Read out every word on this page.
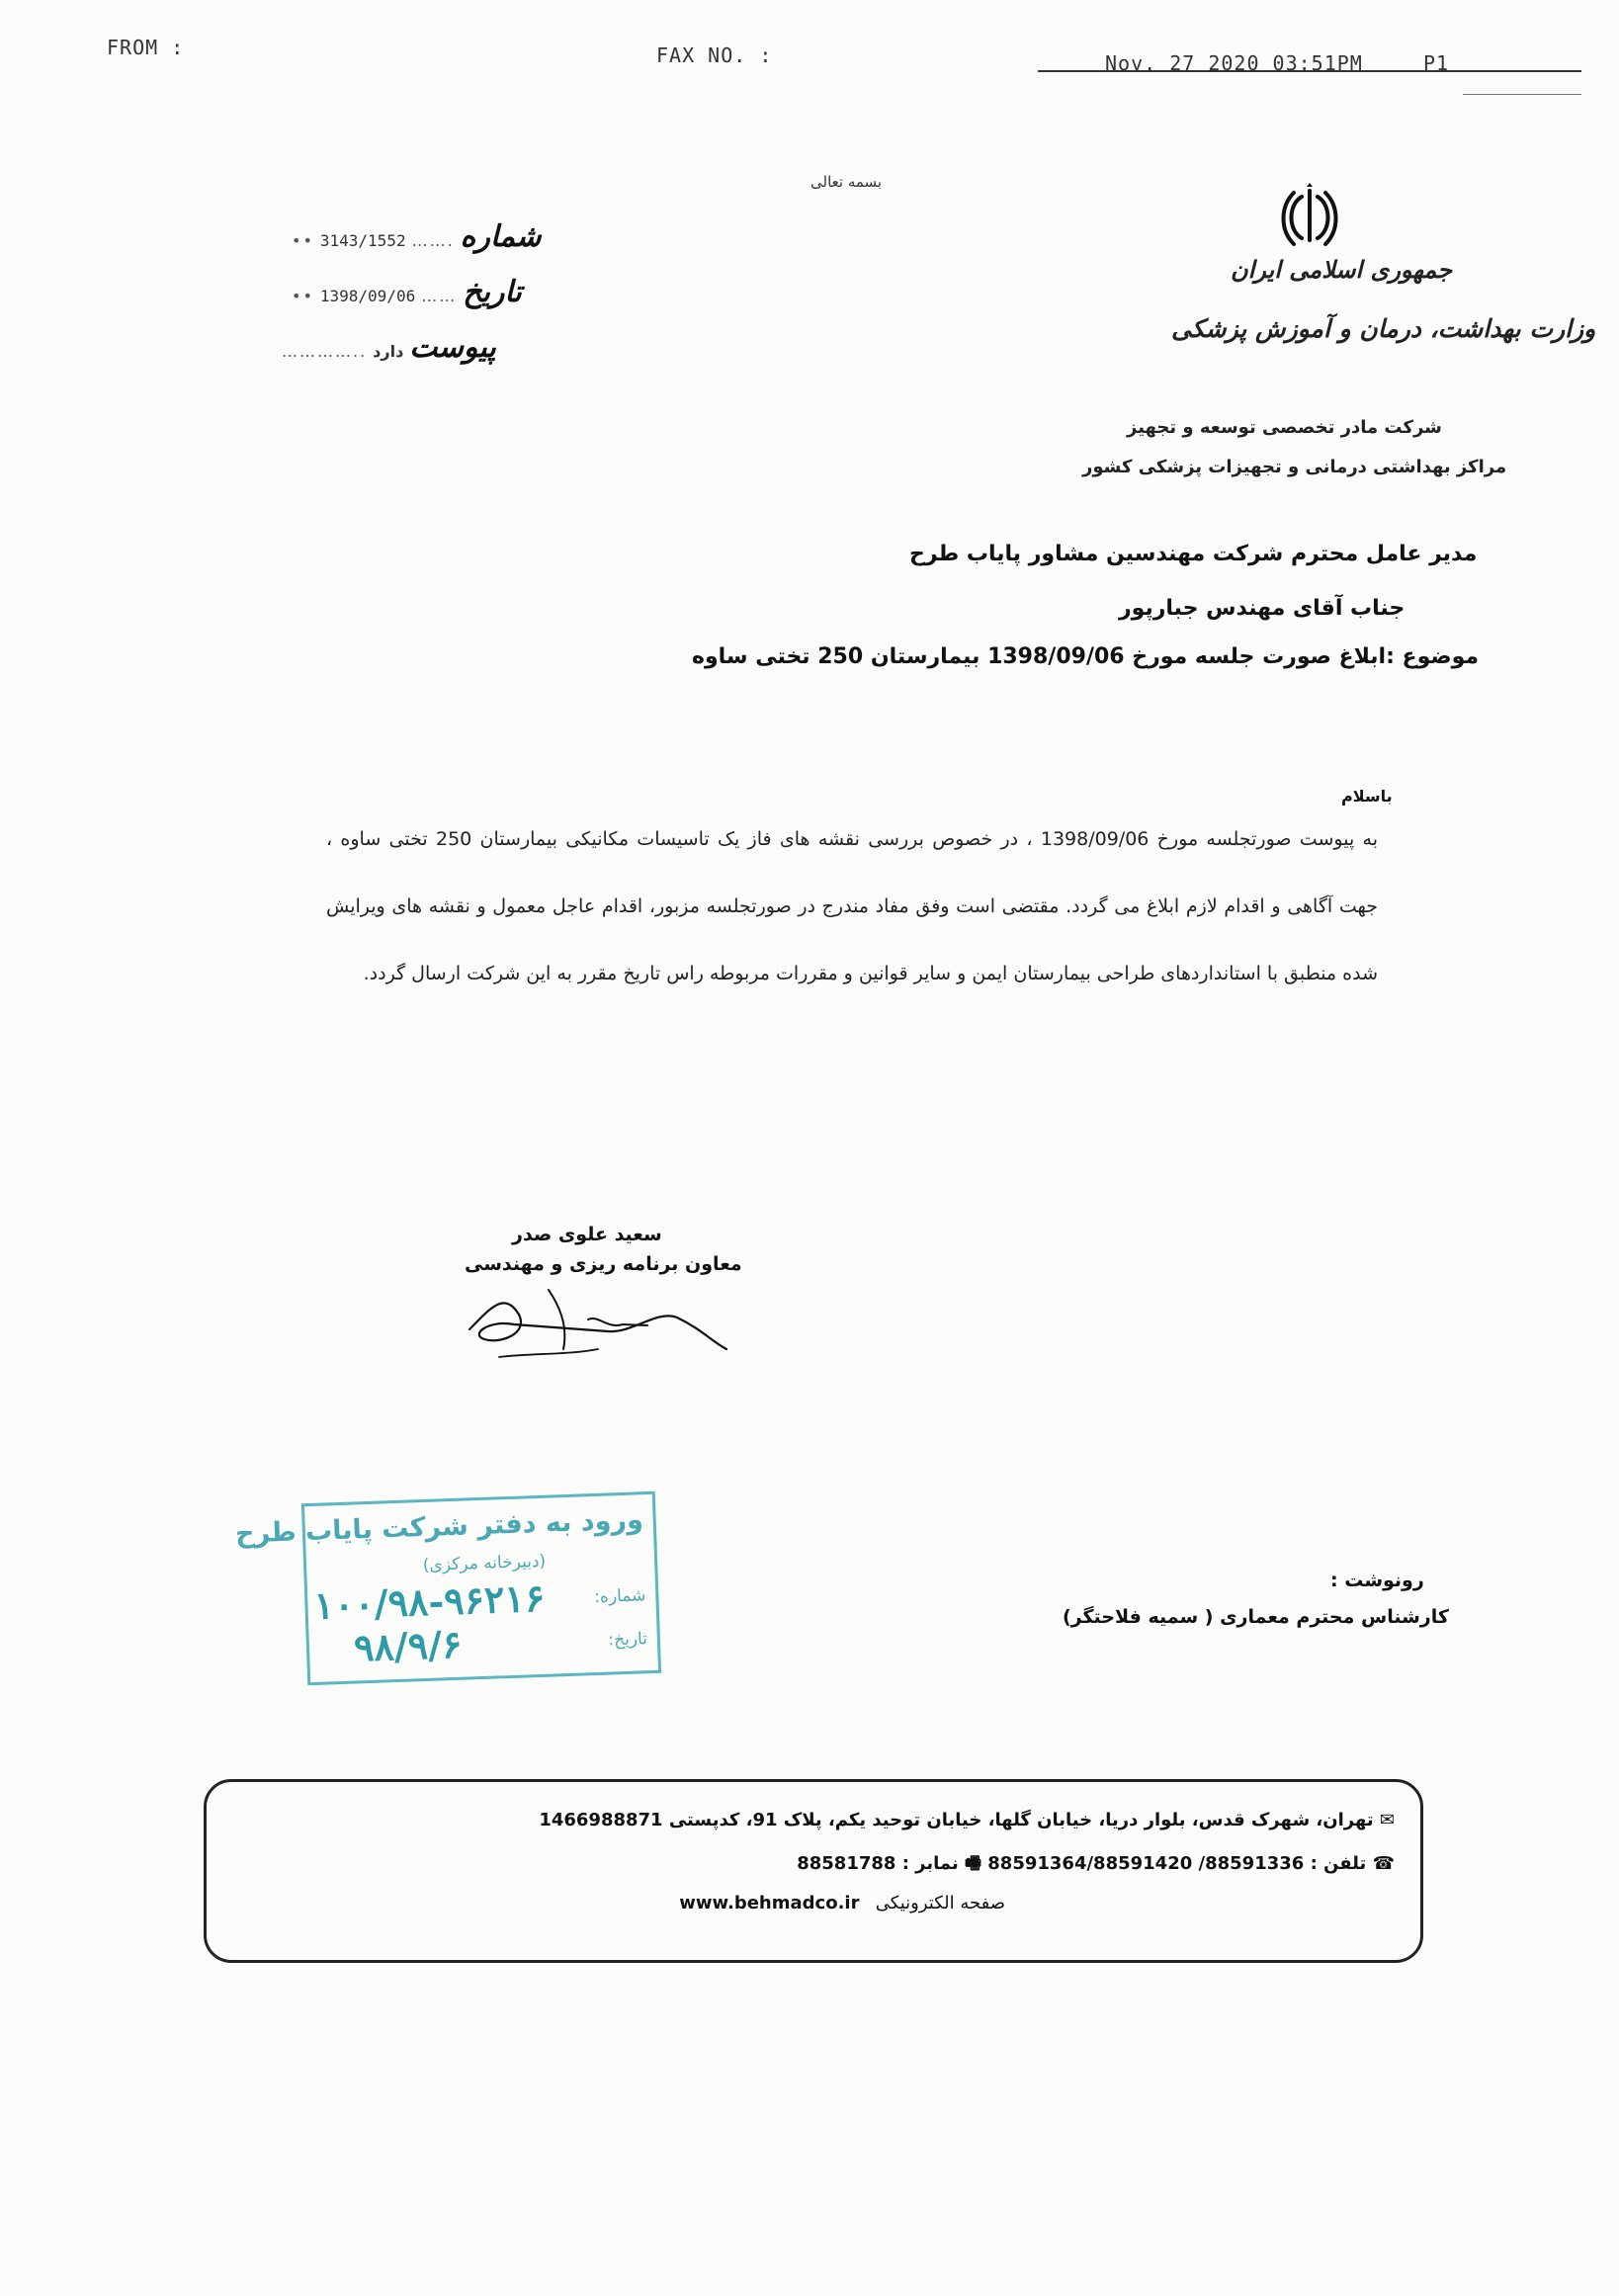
FROM :	FAX NO. :	Nov. 27 2020 03:51PM	P1
بسمه تعالی
جمهوری اسلامی ایران
وزارت بهداشت، درمان و آموزش پزشکی
شرکت مادر تخصصی توسعه و تجهیز
مراکز بهداشتی درمانی و تجهیزات پزشکی کشور
•• 3143/1552 ……. شماره
•• 1398/09/06 …… تاریخ
………….. دارد پیوست
مدیر عامل محترم شرکت مهندسین مشاور پایاب طرح
جناب آقای مهندس جبارپور
موضوع :ابلاغ صورت جلسه مورخ 1398/09/06 بیمارستان 250 تختی ساوه
باسلام

به پیوست صورتجلسه مورخ 1398/09/06 ، در خصوص بررسی نقشه های فاز یک تاسیسات مکانیکی بیمارستان 250 تختی ساوه ، جهت آگاهی و اقدام لازم ابلاغ می گردد. مقتضی است وفق مفاد مندرج در صورتجلسه مزبور، اقدام عاجل معمول و نقشه های ویرایش شده منطبق با استانداردهای طراحی بیمارستان ایمن و سایر قوانین و مقررات مربوطه راس تاریخ مقرر به این شرکت ارسال گردد.

سعید علوی صدر
معاون برنامه ریزی و مهندسی
ورود به دفتر شرکت پایاب طرح
(دبیرخانه مرکزی)
شماره:
۱۰۰/۹۸-۹۶۲۱۶
تاریخ:
۹۸/۹/۶
رونوشت :
کارشناس محترم معماری ( سمیه فلاحتگر)
✉ تهران، شهرک قدس، بلوار دریا، خیابان گلها، خیابان توحید یکم، پلاک 91، کدپستی 1466988871
☎ تلفن : 88591336/ 88591364/88591420 🖷 نمابر : 88581788
صفحه الکترونیکی www.behmadco.ir
